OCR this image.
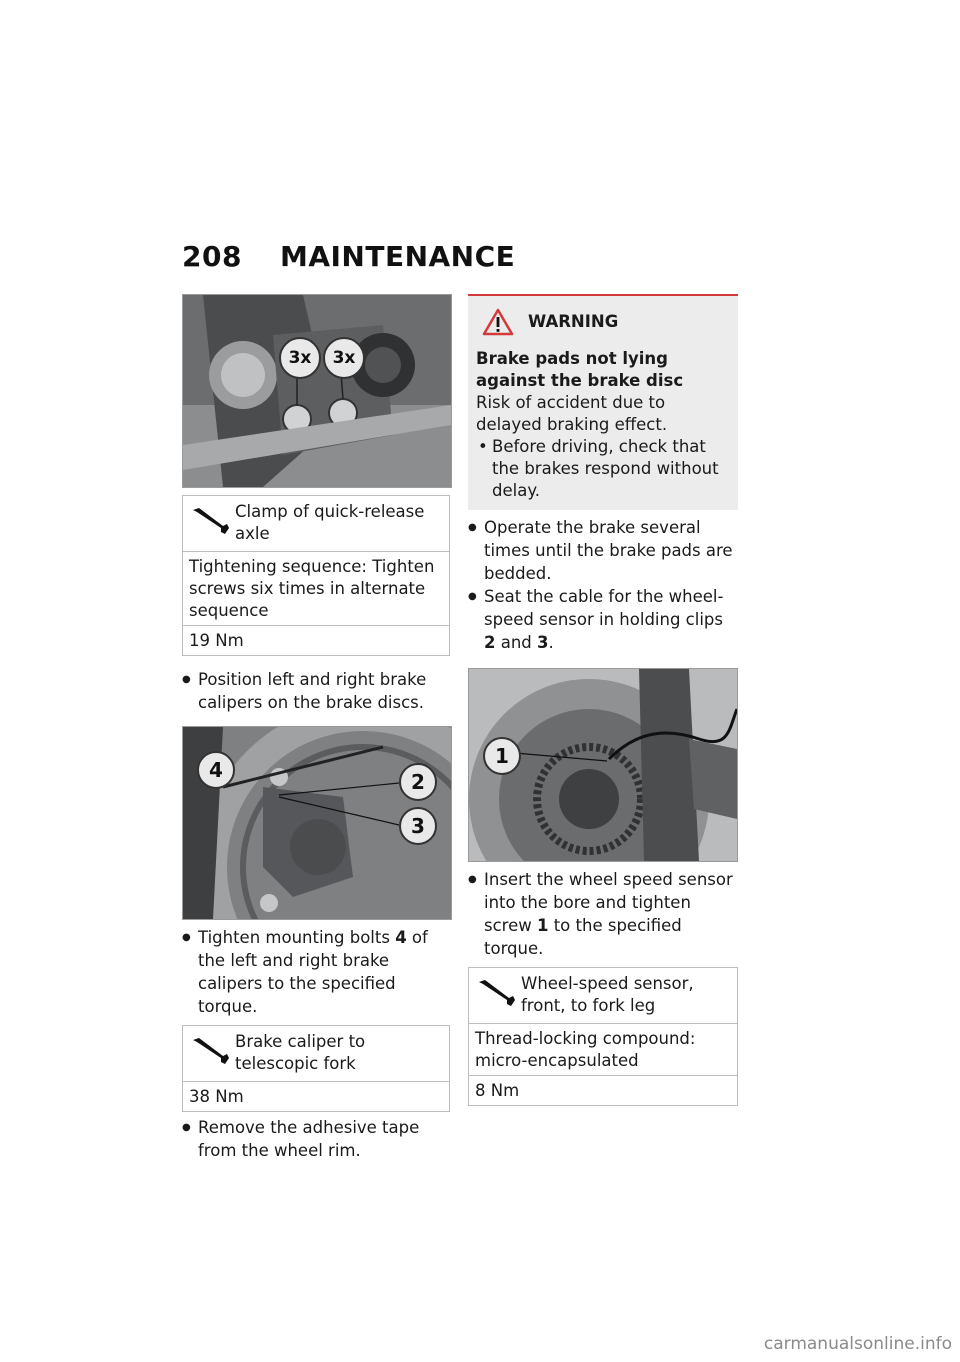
208 MAINTENANCE
3x	3x
Clamp of quick-release axle
Tightening sequence: Tighten screws six times in alternate sequence
19 Nm
● Position left and right brake calipers on the brake discs.
4	2
3
● Tighten mounting bolts 4 of the left and right brake calipers to the specified torque.
Brake caliper to telescopic fork
38 Nm
● Remove the adhesive tape from the wheel rim.
WARNING
Brake pads not lying against the brake disc
Risk of accident due to delayed braking effect.
• Before driving, check that the brakes respond without delay.
● Operate the brake several times until the brake pads are bedded.
● Seat the cable for the wheel-speed sensor in holding clips 2 and 3.
1
● Insert the wheel speed sensor into the bore and tighten screw 1 to the specified torque.
Wheel-speed sensor, front, to fork leg
Thread-locking compound: micro-encapsulated
8 Nm
carmanualsonline.info
